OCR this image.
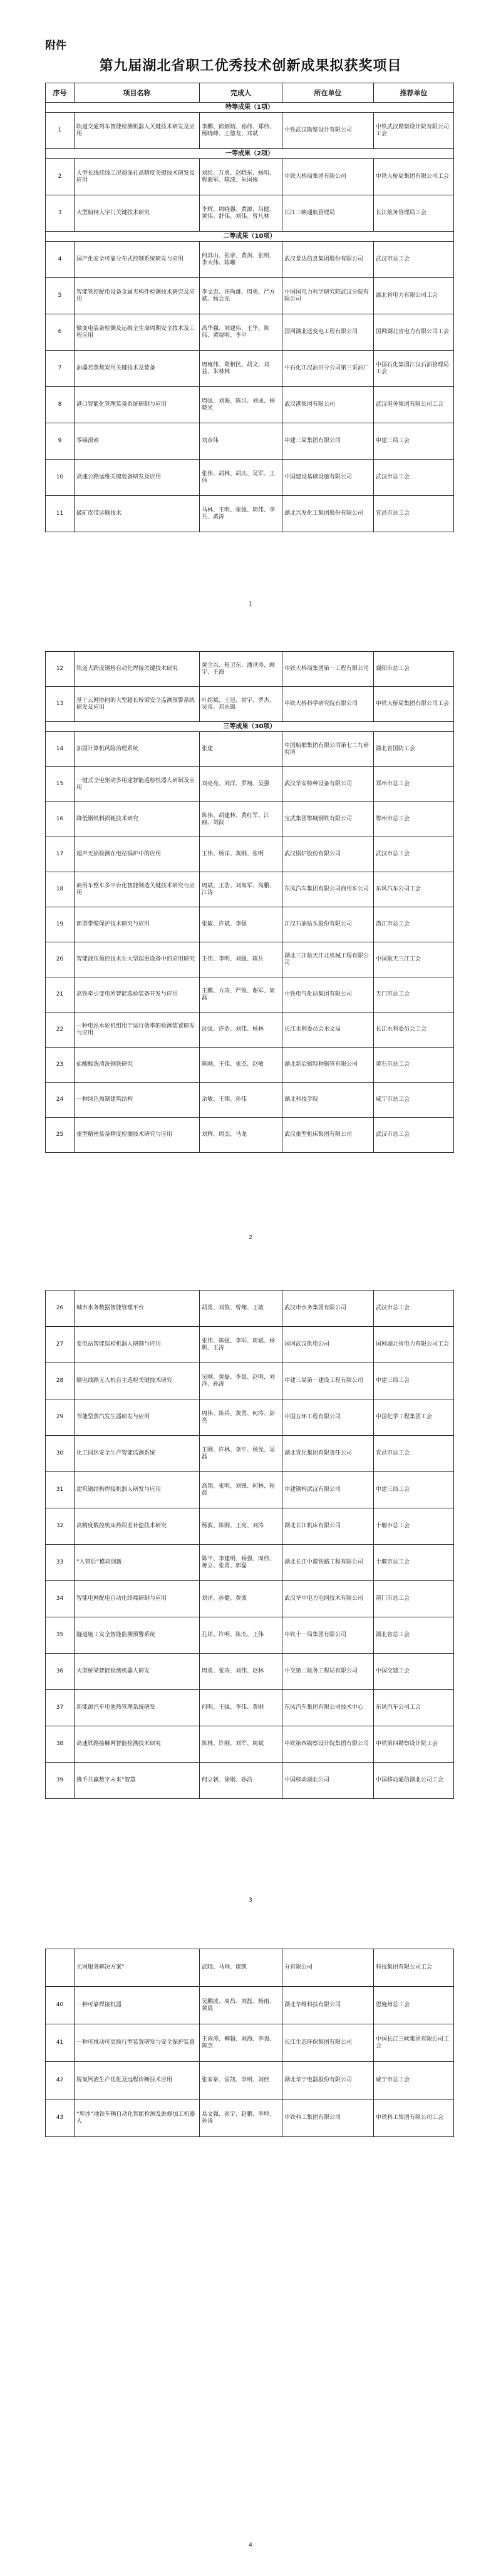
附件
第九届湖北省职工优秀技术创新成果拟获奖项目
序号	项目名称	完成人	所在单位	推荐单位
特等成果（1项）				
1	轨道交通列车智能检测机器人关键技术研发及应用	李鹏、邱炳炳、孙伟、郑伟、杨晓峰、王德龙、邓斌	中铁武汉勘察设计有限公司	中铁武汉勘察设计院有限公司工会
一等成果（2项）				
2	大型长线挂线工况超深孔高精度关键技术研发及应用	刘红、万勇、赵晓东、杨明、程海军、陈波、朱国俊	中铁大桥局集团有限公司	中铁大桥局集团有限公司工会
3	大型船闸人字门关键技术研究	李辉、周晓强、黄源、吕健、黄伟、舒伟、刘伟、曾凡林	长江三峡通航管理局	长江航务管理局工会
二等成果（10项）				
4	国产化安全可靠分布式控制系统研发与应用	何其山、张帝、黄剑、张明、李大伟、陈曦	武汉景达信息集团股份有限公司	武汉市总工会
5	智能管控配电设备金属夹构件检测技术研究及应用	李文忠、许尚雄、周勇、严方斌、杨会元	中国国电力科学研究院武汉分院有限公司	湖北省电力有限公司工会
6	输变电装备检测及运维全生命周期安全技术及工程应用	高华强、刘建伟、王华、陈伟、黄晓明、李平	国网湖北送变电工程有限公司	国网湖北省电力有限公司工会
7	油器若蒸焦炭用关键技术及装备	周雍伟、葛相民、胡文、刘益、朱林林	中石化江汉油田分公司第三采油厂	中国石化集团江汉石油管理局工会
8	港口智能化管理装备系统研制与应用	周强、刘海、陈兴、刘成、杨晓光	武汉港集团有限公司	武汉港务集团有限公司工会
9	零锚滑索	刘彦伟	中建三局集团有限公司	中建三局工会
10	高速公路运维关键装备研发及应用	张伟、胡林、胡庆、吴军、王伟	中国建设基础设施有限公司	武汉市总工会
11	破矿皮带运输技术	马林、王明、张强、周伟、李兵、黄涛	湖北兴发化工集团股份有限公司	宜昌市总工会
1
12	轨道大跨度钢桥自动化焊接关键技术研究	黄全兴、程卫东、潘世涛、顾宇、王海	中铁大桥局集团第一工程有限公司	襄阳市总工会
13	基于云网协同的大型超长桥梁安全监测预警系统研发及应用	叶绍斌、王冠、雷宇、罗杰、吴彦、邓永锦	中铁大桥科学研究院有限公司	中铁大桥局集团有限公司工会
三等成果（30项）				
14	加固计算机风险治理系统	张建	中国船舶集团有限公司第七二九研究所	湖北省国防工会
15	一键式全电驱动多用途智能巡检机器人研制及应用	刘亮亮、刘洋、罗翔、吴强	武汉华安特种设备有限公司	郑州市总工会
16	降低钢铁料损耗技术研究	陈伟、胡建林、黄红军、江丽、刘波	宝武集团鄂城钢铁有限公司	鄂州市总工会
17	超声无损检测在电站锅炉中的应用	王伟、杨洋、黄刚、张明	武汉锅炉股份有限公司	武汉市总工会
18	商用车整车多平台化智能制造关键技术研究与应用	周斌、王浩、刘海军、高鹏、江涛	东风汽车集团有限公司商用车公司	东风汽车公司工会
19	新型带缆保护技术研究与应用	张敏、许斌、李强	江汉石油钻头股份有限公司	潜江市总工会
20	智能液压预控技术在大型起重设备中的应用研究	王伟、李明、刘强、陈兵	湖北三江航天江北机械工程有限公司	中国航天三江工会
21	高铁牵引变电所智能巡检装备开发与应用	王鹏、方涛、严俊、谢军、周磊	中铁电气化局集团有限公司	天门市总工会
22	一种电站水轮机组用于运行效率的检测装置研发与应用	沈强、许浩、刘伟、杨林	长江水利委员会水文局	长江水利委员会工会
23	盐酸酸洗清洗钢铁研究	陈刚、王伟、张杰、赵敏	湖北新冶钢特种钢管有限公司	黄石市总工会
24	一种绿色预制建筑结构	余敏、王翔、孙伟	湖北科技学院	咸宁市总工会
25	重型精密装备精度检测技术研究与应用	刘辉、周杰、马龙	武汉重型机床集团有限公司	武汉市总工会
2
26	城市水务数据智能管理平台	胡勇、刘俊、曾翔、王敏	武汉市水务集团有限公司	武汉市总工会
27	变电站智能巡检机器人研制与应用	张伟、陈强、李军、周斌、杨帆、王涛	国网武汉供电公司	国网湖北省电力有限公司工会
28	输电线路无人机自主巡检关键技术研究	吴刚、黄磊、李晨、赵明、刘洋、孙涛	中建三局第一建设工程有限公司	中建三局工会
29	节能型蒸汽发生器研发与应用	周伟、陈兵、黄勇、何涛、彭亮	中国五环工程有限公司	中国化学工程集团工会
30	化工园区安全生产智能监测系统	王刚、许林、李平、杨光、吴磊	湖北宜化集团有限责任公司	宜昌市总工会
31	建筑钢结构焊接机器人研发与应用	高翔、张明、刘锋、何林、程晨	中建钢构武汉有限公司	中建三局工会
32	高精度数控机床热误差补偿技术研究	杨波、陈刚、王亮、刘涛	湖北长江机床有限公司	十堰市总工会
33	“入管后”模块创新	陈平、李建明、杨强、周伟、蒋立、张勇、郭磊	湖北长江中游铁路工程有限公司	十堰市总工会
34	智能电网配电自动化终端研制与应用	刘洋、孙健、黄波	武汉华中电力电网技术有限公司	荆门市总工会
35	隧道施工安全智能监测预警系统	孔祥、许明、陈杰、王伟	中铁十一局集团有限公司	湖北省总工会
36	大型桥梁智能检测机器人研发	周勇、张涛、刘伟、赵林	中交第二航务工程局有限公司	中国交建工会
37	新能源汽车电池热管理系统研发	何明、王强、李伟、黄刚	东风汽车集团有限公司技术中心	东风汽车公司工会
38	高速铁路接触网智能检测技术研究	陈林、许刚、刘军、周斌	中铁第四勘察设计院集团有限公司	中铁第四勘察设计院工会
39	携手共赢数字未来“智慧	何立新、徐刚、孙浩	中国移动湖北公司	中国移动通信湖北公司工会
3
	元网服务解决方案”	武晓、马帅、康凯	分有限公司	科技集团有限公司工会
40	一种可靠焊接机器	吴鹏波、周昌、刘磊、杨雨、黄晨	湖北华维科技有限公司	恩施州总工会
41	一种可推动可更换行型装置研发与安全保护装置	王雨涛、柳超、刘海、李强、陈杰	长江生态环保集团有限公司	中国长江三峡集团有限公司工会
42	脱氧钙渣生产优化及远程诊断技术应用	张家豪、雷凯、李明、刘佳	湖北华宁电器股份有限公司	咸宁市总工会
43	“库沙”地铁车辆自动化智能检测及维修加工机器人	易文强、张宇、赵鹏、李坤、孙涛	中铁科工集团有限公司	中铁科工集团有限公司工会
4
